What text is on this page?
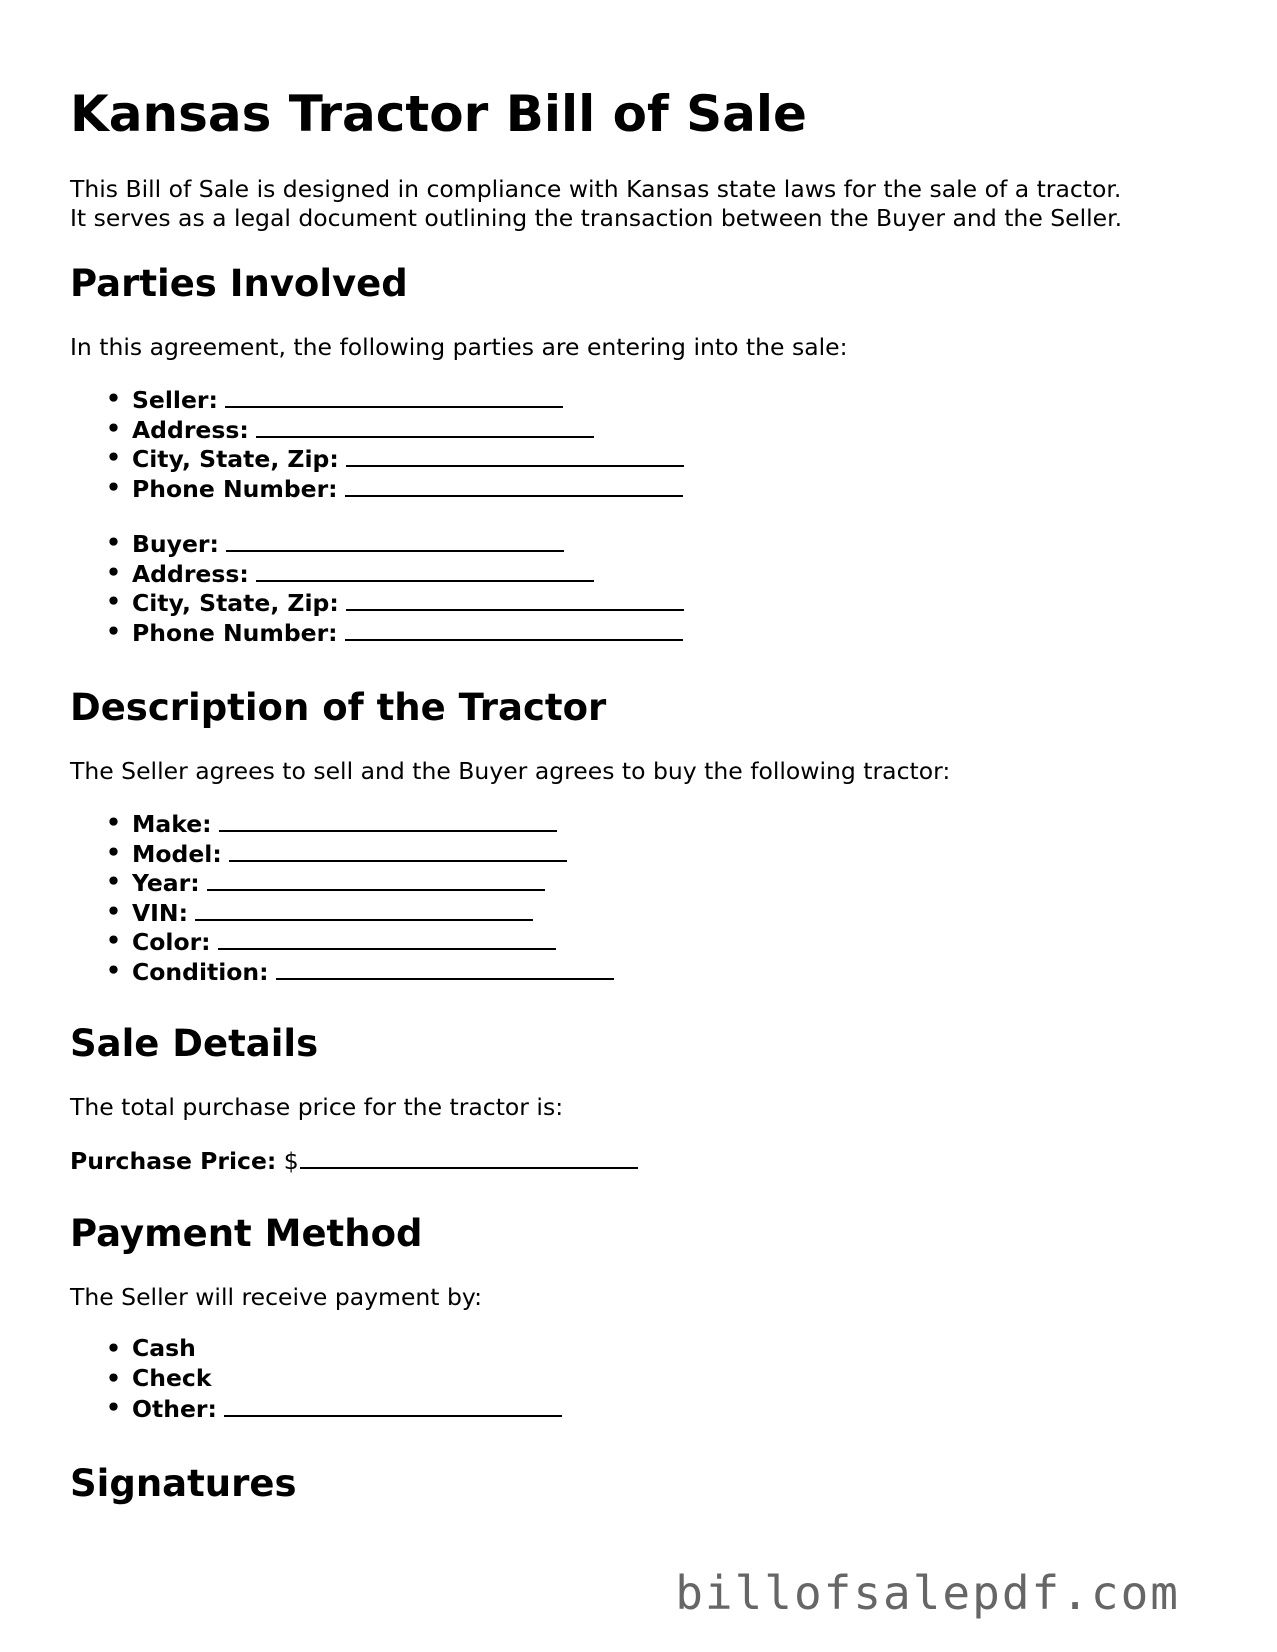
Kansas Tractor Bill of Sale

This Bill of Sale is designed in compliance with Kansas state laws for the sale of a tractor.

It serves as a legal document outlining the transaction between the Buyer and the Seller.

Parties Involved

In this agreement, the following parties are entering into the sale:

• Seller:
• Address:
• City, State, Zip:
• Phone Number:
• Buyer:
• Address:
• City, State, Zip:
• Phone Number:
Description of the Tractor

The Seller agrees to sell and the Buyer agrees to buy the following tractor:

• Make:
• Model:
• Year:
• VIN:
• Color:
• Condition:
Sale Details

The total purchase price for the tractor is:

Purchase Price: $
Payment Method

The Seller will receive payment by:

• Cash
• Check
• Other:
Signatures
billofsalepdf.com
